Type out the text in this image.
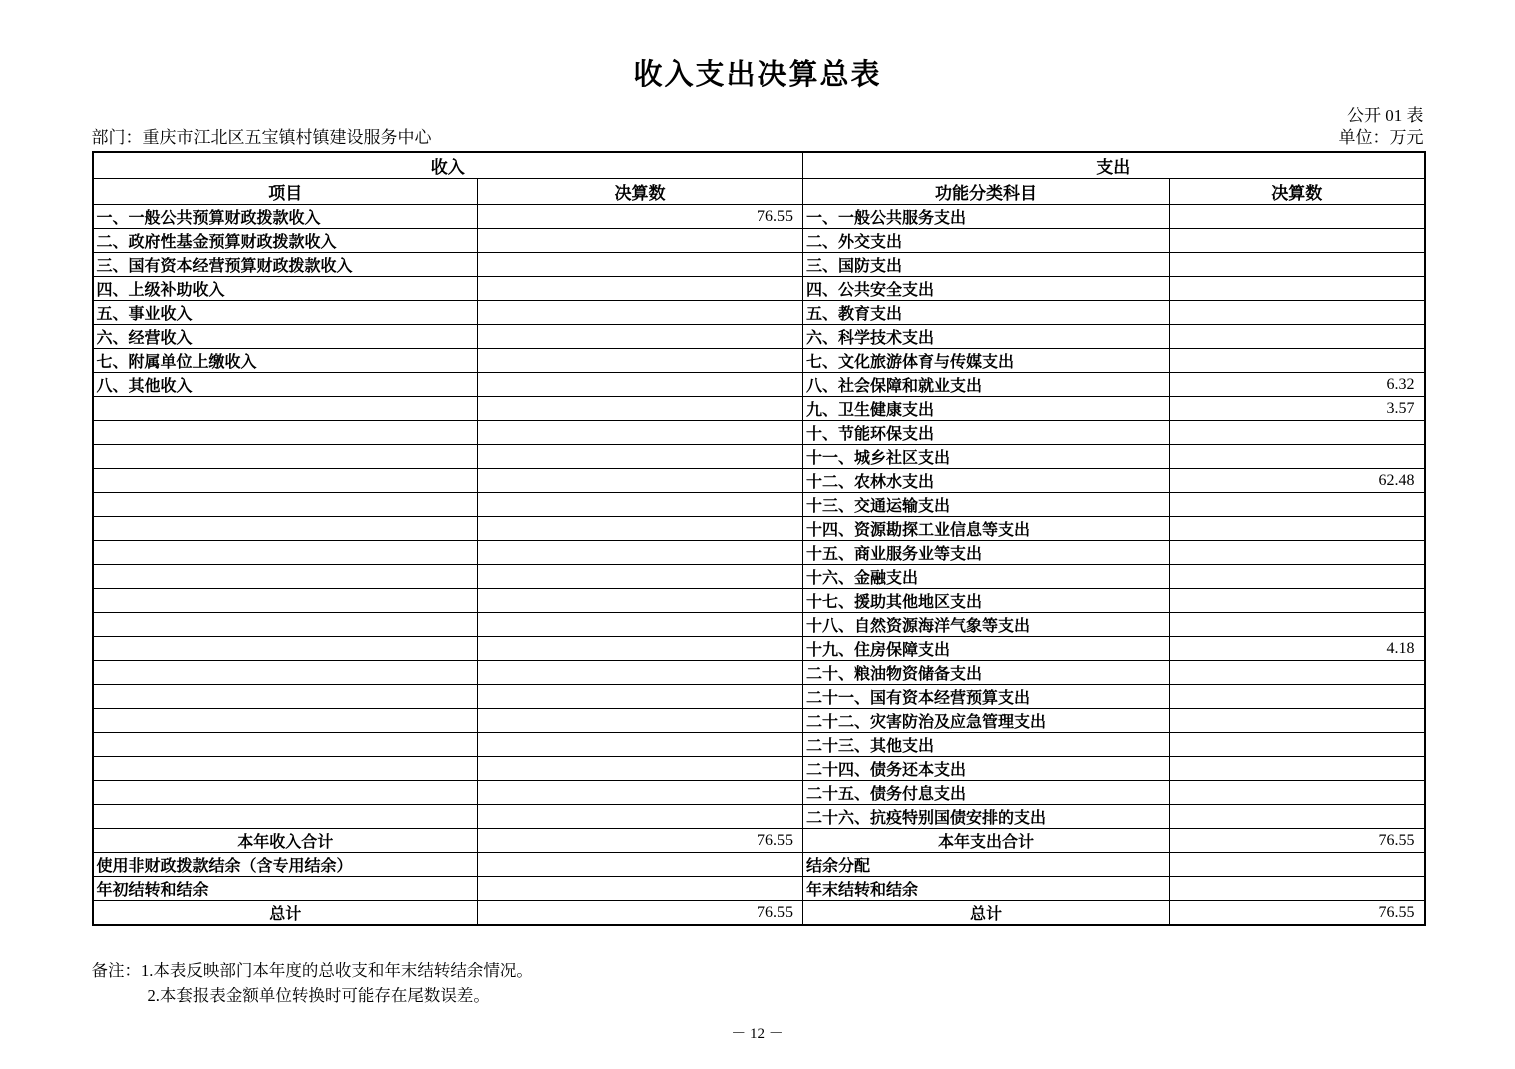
收入支出决算总表
公开 01 表
部门：重庆市江北区五宝镇村镇建设服务中心	单位：万元
收入		支出	
项目	决算数	功能分类科目	决算数
一、一般公共预算财政拨款收入	76.55	一、一般公共服务支出	
二、政府性基金预算财政拨款收入		二、外交支出	
三、国有资本经营预算财政拨款收入		三、国防支出	
四、上级补助收入		四、公共安全支出	
五、事业收入		五、教育支出	
六、经营收入		六、科学技术支出	
七、附属单位上缴收入		七、文化旅游体育与传媒支出	
八、其他收入		八、社会保障和就业支出	6.32
		九、卫生健康支出	3.57
		十、节能环保支出	
		十一、城乡社区支出	
		十二、农林水支出	62.48
		十三、交通运输支出	
		十四、资源勘探工业信息等支出	
		十五、商业服务业等支出	
		十六、金融支出	
		十七、援助其他地区支出	
		十八、自然资源海洋气象等支出	
		十九、住房保障支出	4.18
		二十、粮油物资储备支出	
		二十一、国有资本经营预算支出	
		二十二、灾害防治及应急管理支出	
		二十三、其他支出	
		二十四、债务还本支出	
		二十五、债务付息支出	
		二十六、抗疫特别国债安排的支出	
本年收入合计	76.55	本年支出合计	76.55
使用非财政拨款结余（含专用结余）		结余分配	
年初结转和结余		年末结转和结余	
总计	76.55	总计	76.55
备注：1.本表反映部门本年度的总收支和年末结转结余情况。
2.本套报表金额单位转换时可能存在尾数误差。
－ 12 －
